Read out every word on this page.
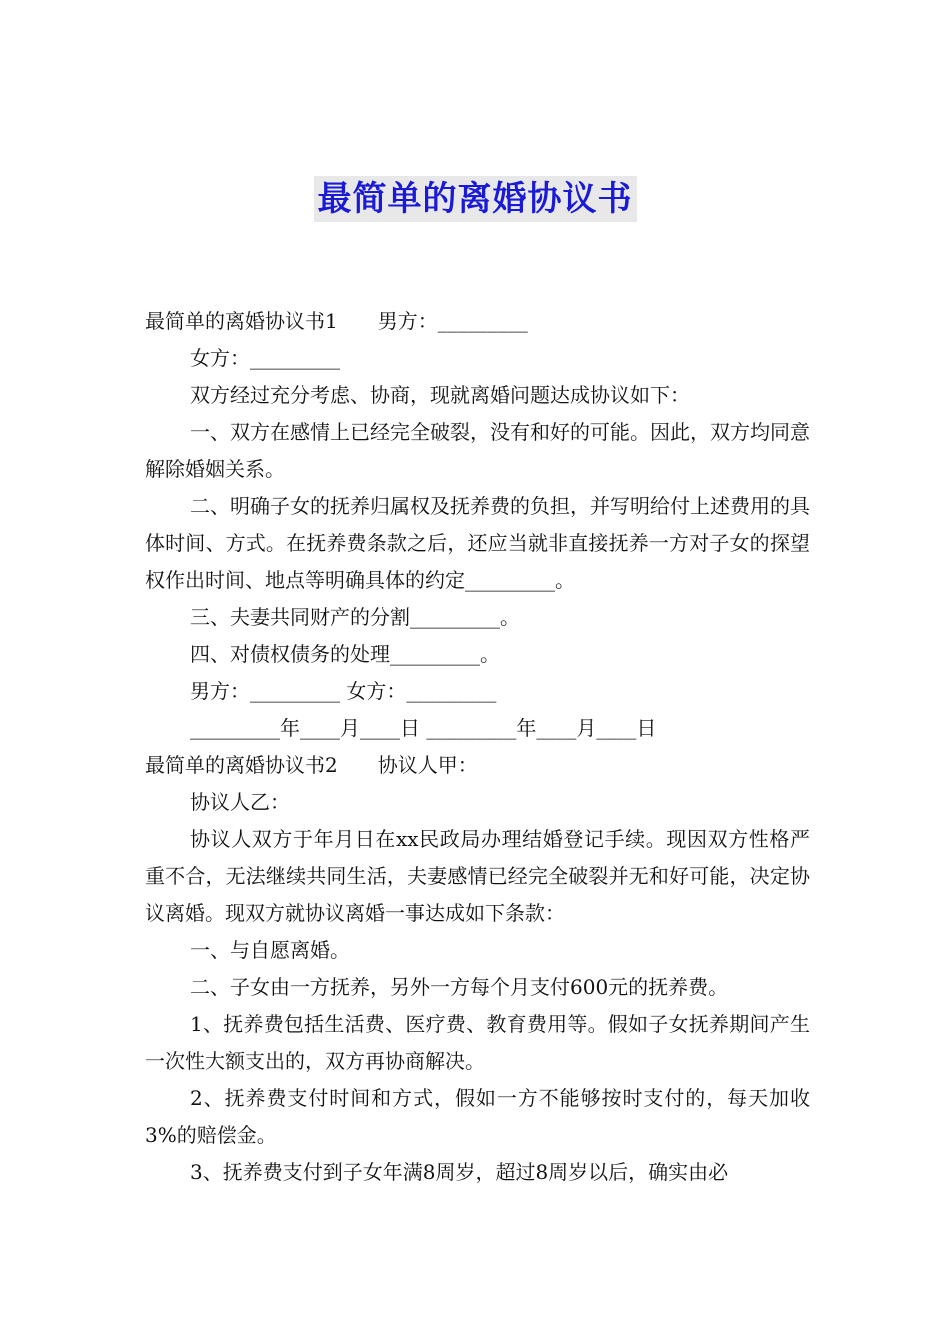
最简单的离婚协议书

最简单的离婚协议书1　　男方：_________

女方：_________

双方经过充分考虑、协商，现就离婚问题达成协议如下：

一、双方在感情上已经完全破裂，没有和好的可能。因此，双方均同意解除婚姻关系。

二、明确子女的抚养归属权及抚养费的负担，并写明给付上述费用的具体时间、方式。在抚养费条款之后，还应当就非直接抚养一方对子女的探望权作出时间、地点等明确具体的约定_________。

三、夫妻共同财产的分割_________。

四、对债权债务的处理_________。

男方：_________ 女方：_________

_________年____月____日 _________年____月____日

最简单的离婚协议书2　　协议人甲：

协议人乙：

协议人双方于年月日在xx民政局办理结婚登记手续。现因双方性格严重不合，无法继续共同生活，夫妻感情已经完全破裂并无和好可能，决定协议离婚。现双方就协议离婚一事达成如下条款：

一、与自愿离婚。

二、子女由一方抚养，另外一方每个月支付600元的抚养费。

1、抚养费包括生活费、医疗费、教育费用等。假如子女抚养期间产生一次性大额支出的，双方再协商解决。

2、抚养费支付时间和方式，假如一方不能够按时支付的，每天加收3%的赔偿金。

3、抚养费支付到子女年满8周岁，超过8周岁以后，确实由必
